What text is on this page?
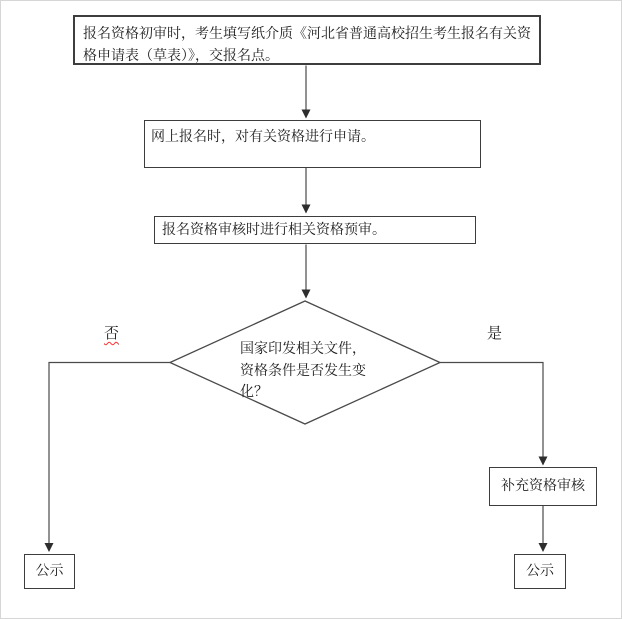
报名资格初审时，考生填写纸介质《河北省普通高校招生考生报名有关资格申请表（草表）》，交报名点。
网上报名时，对有关资格进行申请。
报名资格审核时进行相关资格预审。
国家印发相关文件，资格条件是否发生变化？
否	是
补充资格审核
公示	公示
